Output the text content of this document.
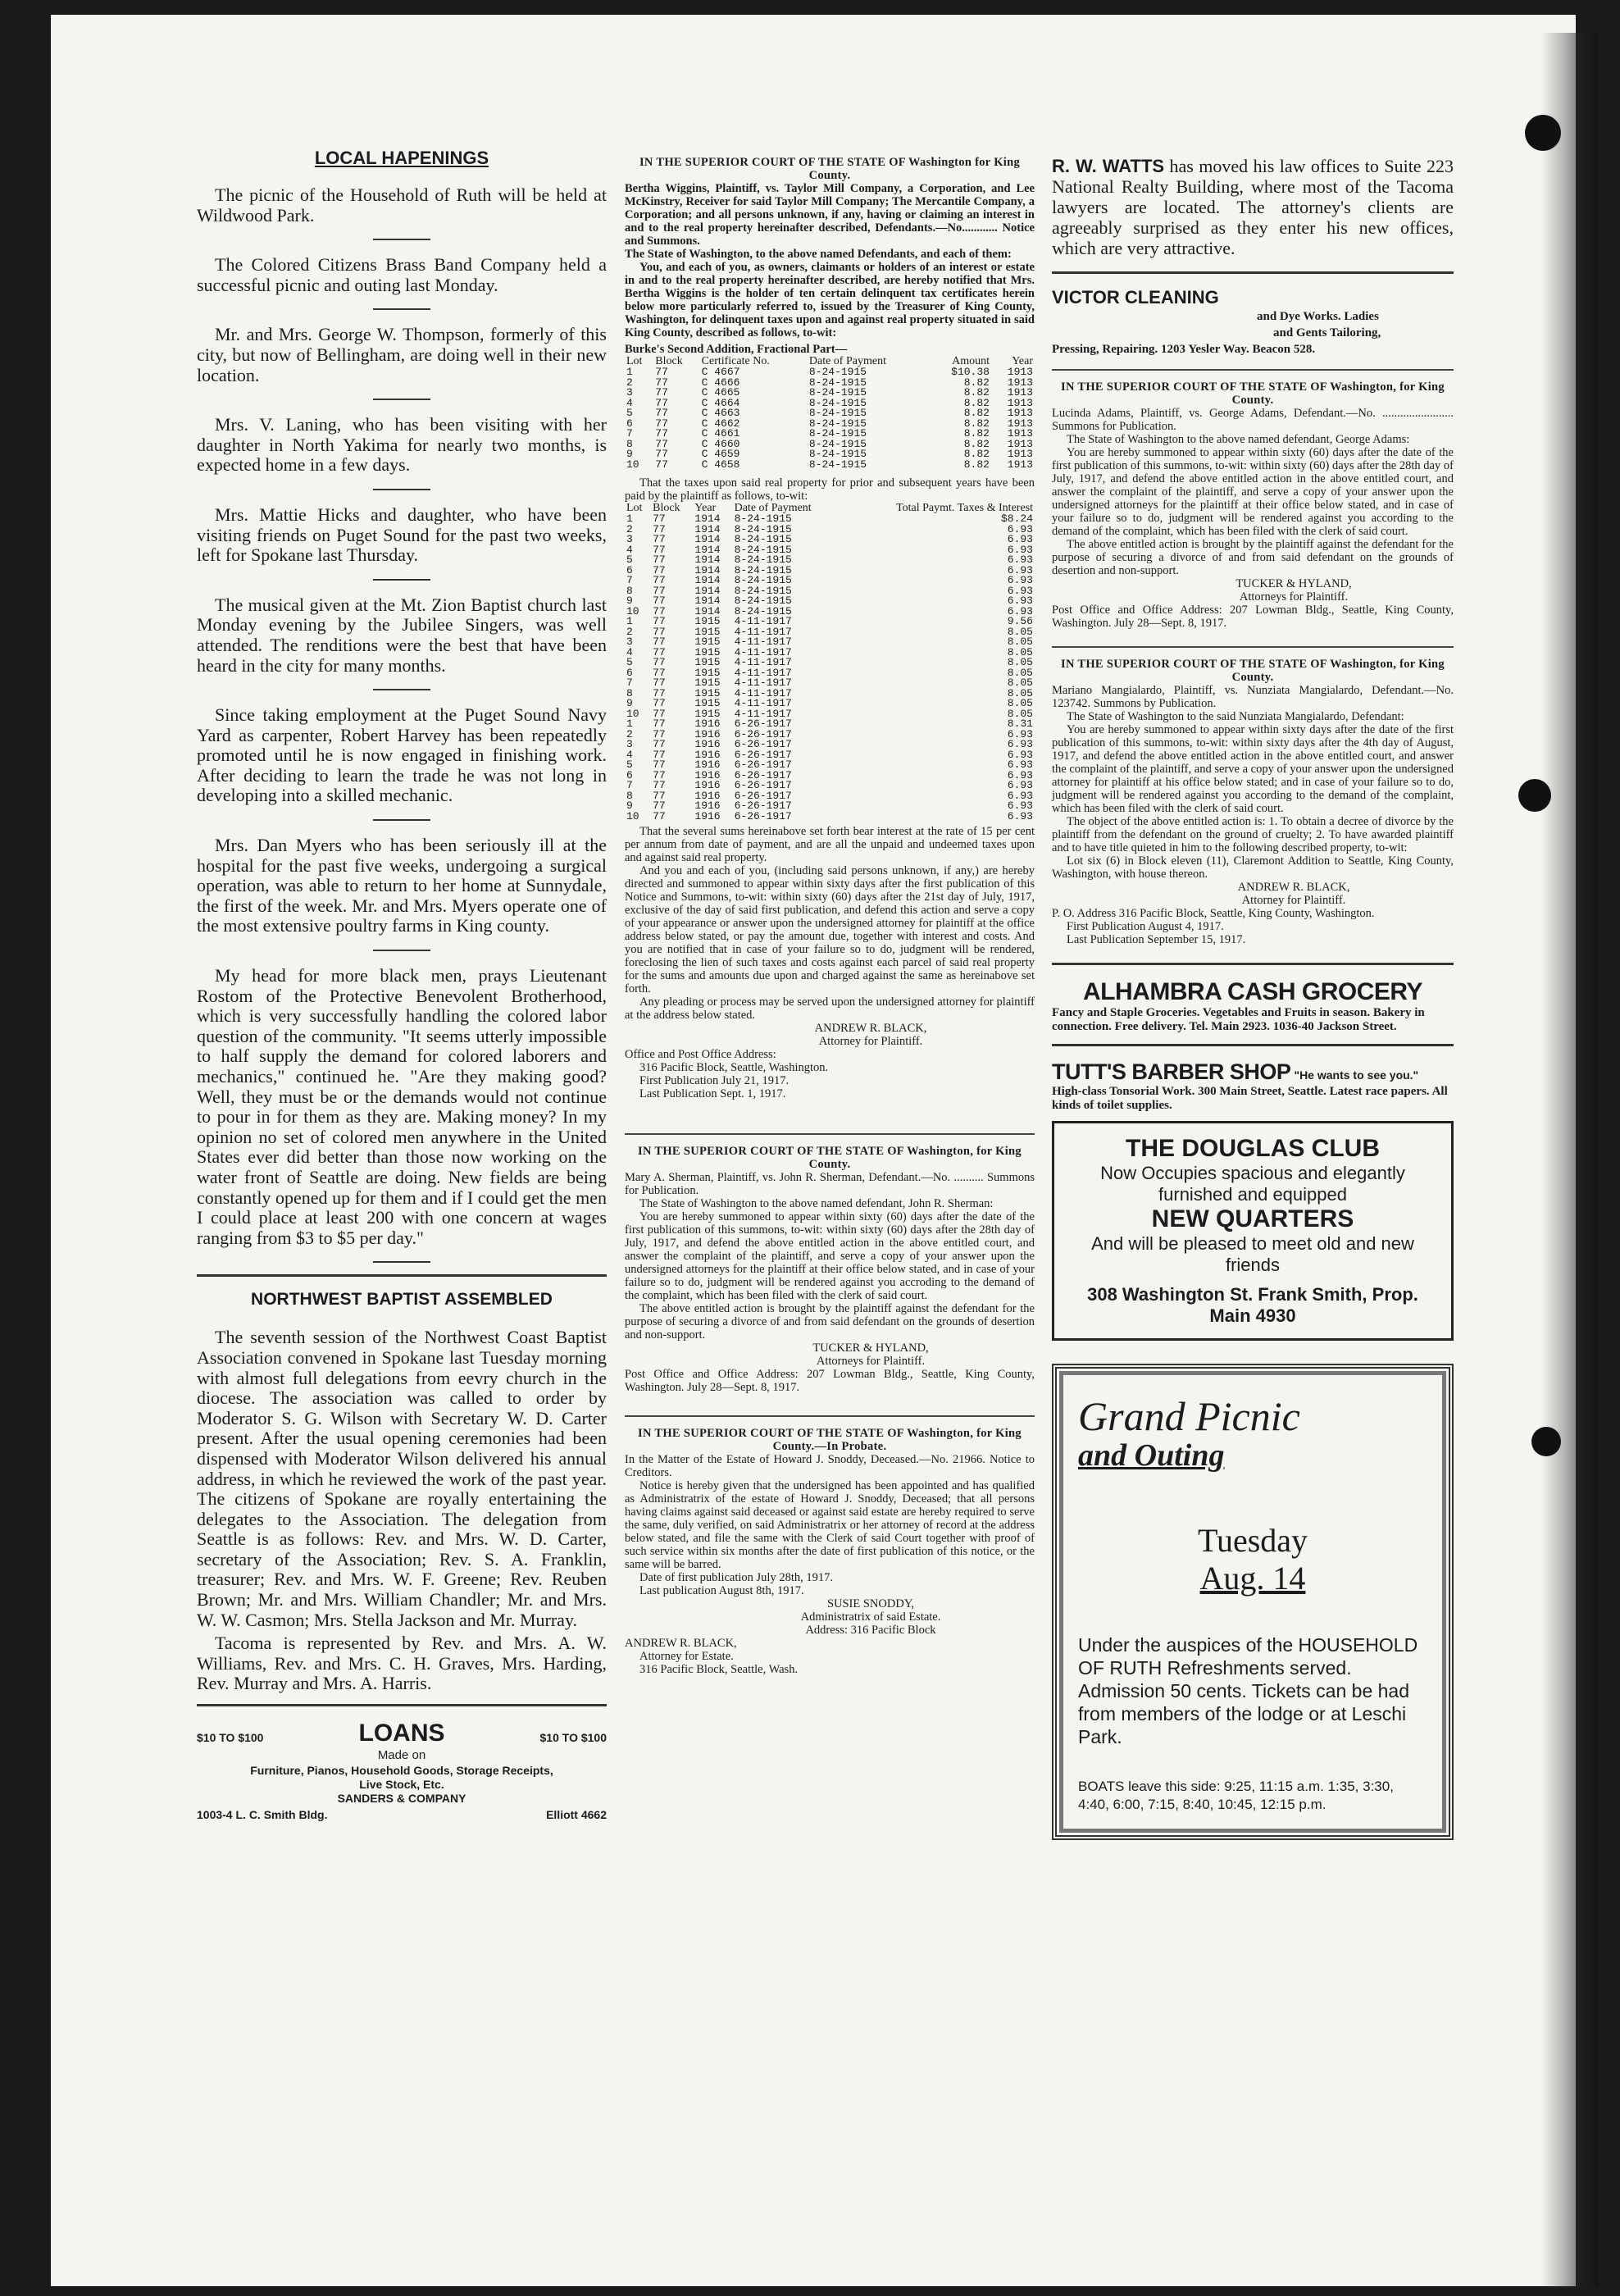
LOCAL HAPENINGS

The picnic of the Household of Ruth will be held at Wildwood Park.

The Colored Citizens Brass Band Company held a successful picnic and outing last Monday.

Mr. and Mrs. George W. Thompson, formerly of this city, but now of Bellingham, are doing well in their new location.

Mrs. V. Laning, who has been visiting with her daughter in North Yakima for nearly two months, is expected home in a few days.

Mrs. Mattie Hicks and daughter, who have been visiting friends on Puget Sound for the past two weeks, left for Spokane last Thursday.

The musical given at the Mt. Zion Baptist church last Monday evening by the Jubilee Singers, was well attended. The renditions were the best that have been heard in the city for many months.

Since taking employment at the Puget Sound Navy Yard as carpenter, Robert Harvey has been repeatedly promoted until he is now engaged in finishing work. After deciding to learn the trade he was not long in developing into a skilled mechanic.

Mrs. Dan Myers who has been seriously ill at the hospital for the past five weeks, undergoing a surgical operation, was able to return to her home at Sunnydale, the first of the week. Mr. and Mrs. Myers operate one of the most extensive poultry farms in King county.

My head for more black men, prays Lieutenant Rostom of the Protective Benevolent Brotherhood, which is very successfully handling the colored labor question of the community. "It seems utterly impossible to half supply the demand for colored laborers and mechanics," continued he. "Are they making good? Well, they must be or the demands would not continue to pour in for them as they are. Making money? In my opinion no set of colored men anywhere in the United States ever did better than those now working on the water front of Seattle are doing. New fields are being constantly opened up for them and if I could get the men I could place at least 200 with one concern at wages ranging from $3 to $5 per day."

NORTHWEST BAPTIST ASSEMBLED

The seventh session of the Northwest Coast Baptist Association convened in Spokane last Tuesday morning with almost full delegations from eevry church in the diocese. The association was called to order by Moderator S. G. Wilson with Secretary W. D. Carter present. After the usual opening ceremonies had been dispensed with Moderator Wilson delivered his annual address, in which he reviewed the work of the past year. The citizens of Spokane are royally entertaining the delegates to the Association. The delegation from Seattle is as follows: Rev. and Mrs. W. D. Carter, secretary of the Association; Rev. S. A. Franklin, treasurer; Rev. and Mrs. W. F. Greene; Rev. Reuben Brown; Mr. and Mrs. William Chandler; Mr. and Mrs. W. W. Casmon; Mrs. Stella Jackson and Mr. Murray.

Tacoma is represented by Rev. and Mrs. A. W. Williams, Rev. and Mrs. C. H. Graves, Mrs. Harding, Rev. Murray and Mrs. A. Harris.

$10 TO $100	LOANS	$10 TO $100
Made on
Furniture, Pianos, Household Goods, Storage Receipts, Live Stock, Etc.
SANDERS & COMPANY
1003-4 L. C. Smith Bldg.	Elliott 4662

IN THE SUPERIOR COURT OF THE STATE OF Washington for King County.

Bertha Wiggins, Plaintiff, vs. Taylor Mill Company, a Corporation, and Lee McKinstry, Receiver for said Taylor Mill Company; The Mercantile Company, a Corporation; and all persons unknown, if any, having or claiming an interest in and to the real property hereinafter described, Defendants.—No............ Notice and Summons.

The State of Washington, to the above named Defendants, and each of them:

You, and each of you, as owners, claimants or holders of an interest or estate in and to the real property hereinafter described, are hereby notified that Mrs. Bertha Wiggins is the holder of ten certain delinquent tax certificates herein below more particularly referred to, issued by the Treasurer of King County, Washington, for delinquent taxes upon and against real property situated in said King County, described as follows, to-wit:

Burke's Second Addition, Fractional Part—

Lot	Block	Certificate No.	Date of Payment	Amount	Year
1	77	C 4667	8-24-1915	$10.38	1913
2	77	C 4666	8-24-1915	8.82	1913
3	77	C 4665	8-24-1915	8.82	1913
4	77	C 4664	8-24-1915	8.82	1913
5	77	C 4663	8-24-1915	8.82	1913
6	77	C 4662	8-24-1915	8.82	1913
7	77	C 4661	8-24-1915	8.82	1913
8	77	C 4660	8-24-1915	8.82	1913
9	77	C 4659	8-24-1915	8.82	1913
10	77	C 4658	8-24-1915	8.82	1913

That the taxes upon said real property for prior and subsequent years have been paid by the plaintiff as follows, to-wit:

Lot	Block	Year	Date of Payment	Total Paymt. Taxes & Interest
1	77	1914	8-24-1915	$8.24
2	77	1914	8-24-1915	6.93
3	77	1914	8-24-1915	6.93
4	77	1914	8-24-1915	6.93
5	77	1914	8-24-1915	6.93
6	77	1914	8-24-1915	6.93
7	77	1914	8-24-1915	6.93
8	77	1914	8-24-1915	6.93
9	77	1914	8-24-1915	6.93
10	77	1914	8-24-1915	6.93
1	77	1915	4-11-1917	9.56
2	77	1915	4-11-1917	8.05
3	77	1915	4-11-1917	8.05
4	77	1915	4-11-1917	8.05
5	77	1915	4-11-1917	8.05
6	77	1915	4-11-1917	8.05
7	77	1915	4-11-1917	8.05
8	77	1915	4-11-1917	8.05
9	77	1915	4-11-1917	8.05
10	77	1915	4-11-1917	8.05
1	77	1916	6-26-1917	8.31
2	77	1916	6-26-1917	6.93
3	77	1916	6-26-1917	6.93
4	77	1916	6-26-1917	6.93
5	77	1916	6-26-1917	6.93
6	77	1916	6-26-1917	6.93
7	77	1916	6-26-1917	6.93
8	77	1916	6-26-1917	6.93
9	77	1916	6-26-1917	6.93
10	77	1916	6-26-1917	6.93

That the several sums hereinabove set forth bear interest at the rate of 15 per cent per annum from date of payment, and are all the unpaid and undeemed taxes upon and against said real property.

And you and each of you, (including said persons unknown, if any,) are hereby directed and summoned to appear within sixty days after the first publication of this Notice and Summons, to-wit: within sixty (60) days after the 21st day of July, 1917, exclusive of the day of said first publication, and defend this action and serve a copy of your appearance or answer upon the undersigned attorney for plaintiff at the office address below stated, or pay the amount due, together with interest and costs. And you are notified that in case of your failure so to do, judgment will be rendered, foreclosing the lien of such taxes and costs against each parcel of said real property for the sums and amounts due upon and charged against the same as hereinabove set forth.

Any pleading or process may be served upon the undersigned attorney for plaintiff at the address below stated.

ANDREW R. BLACK,

Attorney for Plaintiff.

Office and Post Office Address:

316 Pacific Block, Seattle, Washington.

First Publication July 21, 1917.

Last Publication Sept. 1, 1917.

IN THE SUPERIOR COURT OF THE STATE OF Washington, for King County.

Mary A. Sherman, Plaintiff, vs. John R. Sherman, Defendant.—No. .......... Summons for Publication.

The State of Washington to the above named defendant, John R. Sherman:

You are hereby summoned to appear within sixty (60) days after the date of the first publication of this summons, to-wit: within sixty (60) days after the 28th day of July, 1917, and defend the above entitled action in the above entitled court, and answer the complaint of the plaintiff, and serve a copy of your answer upon the undersigned attorneys for the plaintiff at their office below stated, and in case of your failure so to do, judgment will be rendered against you accroding to the demand of the complaint, which has been filed with the clerk of said court.

The above entitled action is brought by the plaintiff against the defendant for the purpose of securing a divorce of and from said defendant on the grounds of desertion and non-support.

TUCKER & HYLAND,

Attorneys for Plaintiff.

Post Office and Office Address: 207 Lowman Bldg., Seattle, King County, Washington. July 28—Sept. 8, 1917.

IN THE SUPERIOR COURT OF THE STATE OF Washington, for King County.—In Probate.

In the Matter of the Estate of Howard J. Snoddy, Deceased.—No. 21966. Notice to Creditors.

Notice is hereby given that the undersigned has been appointed and has qualified as Administratrix of the estate of Howard J. Snoddy, Deceased; that all persons having claims against said deceased or against said estate are hereby required to serve the same, duly verified, on said Administratrix or her attorney of record at the address below stated, and file the same with the Clerk of said Court together with proof of such service within six months after the date of first publication of this notice, or the same will be barred.

Date of first publication July 28th, 1917.

Last publication August 8th, 1917.

SUSIE SNODDY,

Administratrix of said Estate.

Address: 316 Pacific Block

ANDREW R. BLACK,

Attorney for Estate.

316 Pacific Block, Seattle, Wash.

R. W. WATTS has moved his law offices to Suite 223 National Realty Building, where most of the Tacoma lawyers are located. The attorney's clients are agreeably surprised as they enter his new offices, which are very attractive.
VICTOR CLEANING
and Dye Works. Ladies
and Gents Tailoring,
Pressing, Repairing. 1203 Yesler Way. Beacon 528.

IN THE SUPERIOR COURT OF THE STATE OF Washington, for King County.

Lucinda Adams, Plaintiff, vs. George Adams, Defendant.—No. ........................ Summons for Publication.

The State of Washington to the above named defendant, George Adams:

You are hereby summoned to appear within sixty (60) days after the date of the first publication of this summons, to-wit: within sixty (60) days after the 28th day of July, 1917, and defend the above entitled action in the above entitled court, and answer the complaint of the plaintiff, and serve a copy of your answer upon the undersigned attorneys for the plaintiff at their office below stated, and in case of your failure so to do, judgment will be rendered against you according to the demand of the complaint, which has been filed with the clerk of said court.

The above entitled action is brought by the plaintiff against the defendant for the purpose of securing a divorce of and from said defendant on the grounds of desertion and non-support.

TUCKER & HYLAND,

Attorneys for Plaintiff.

Post Office and Office Address: 207 Lowman Bldg., Seattle, King County, Washington. July 28—Sept. 8, 1917.

IN THE SUPERIOR COURT OF THE STATE OF Washington, for King County.

Mariano Mangialardo, Plaintiff, vs. Nunziata Mangialardo, Defendant.—No. 123742. Summons by Publication.

The State of Washington to the said Nunziata Mangialardo, Defendant:

You are hereby summoned to appear within sixty days after the date of the first publication of this summons, to-wit: within sixty days after the 4th day of August, 1917, and defend the above entitled action in the above entitled court, and answer the complaint of the plaintiff, and serve a copy of your answer upon the undersigned attorney for plaintiff at his office below stated; and in case of your failure so to do, judgment will be rendered against you according to the demand of the complaint, which has been filed with the clerk of said court.

The object of the above entitled action is: 1. To obtain a decree of divorce by the plaintiff from the defendant on the ground of cruelty; 2. To have awarded plaintiff and to have title quieted in him to the following described property, to-wit:

Lot six (6) in Block eleven (11), Claremont Addition to Seattle, King County, Washington, with house thereon.

ANDREW R. BLACK,

Attorney for Plaintiff.

P. O. Address 316 Pacific Block, Seattle, King County, Washington.

First Publication August 4, 1917.

Last Publication September 15, 1917.

ALHAMBRA CASH GROCERY
Fancy and Staple Groceries. Vegetables and Fruits in season. Bakery in connection. Free delivery. Tel. Main 2923. 1036-40 Jackson Street.
TUTT'S BARBER SHOP "He wants to see you."
High-class Tonsorial Work. 300 Main Street, Seattle. Latest race papers. All kinds of toilet supplies.
THE DOUGLAS CLUB
Now Occupies spacious and elegantly furnished and equipped
NEW QUARTERS
And will be pleased to meet old and new friends
308 Washington St. Frank Smith, Prop.
Main 4930
Grand Picnic
and Outing
Tuesday
Aug. 14
Under the auspices of the HOUSEHOLD OF RUTH Refreshments served. Admission 50 cents. Tickets can be had from members of the lodge or at Leschi Park.
BOATS leave this side: 9:25, 11:15 a.m. 1:35, 3:30, 4:40, 6:00, 7:15, 8:40, 10:45, 12:15 p.m.
